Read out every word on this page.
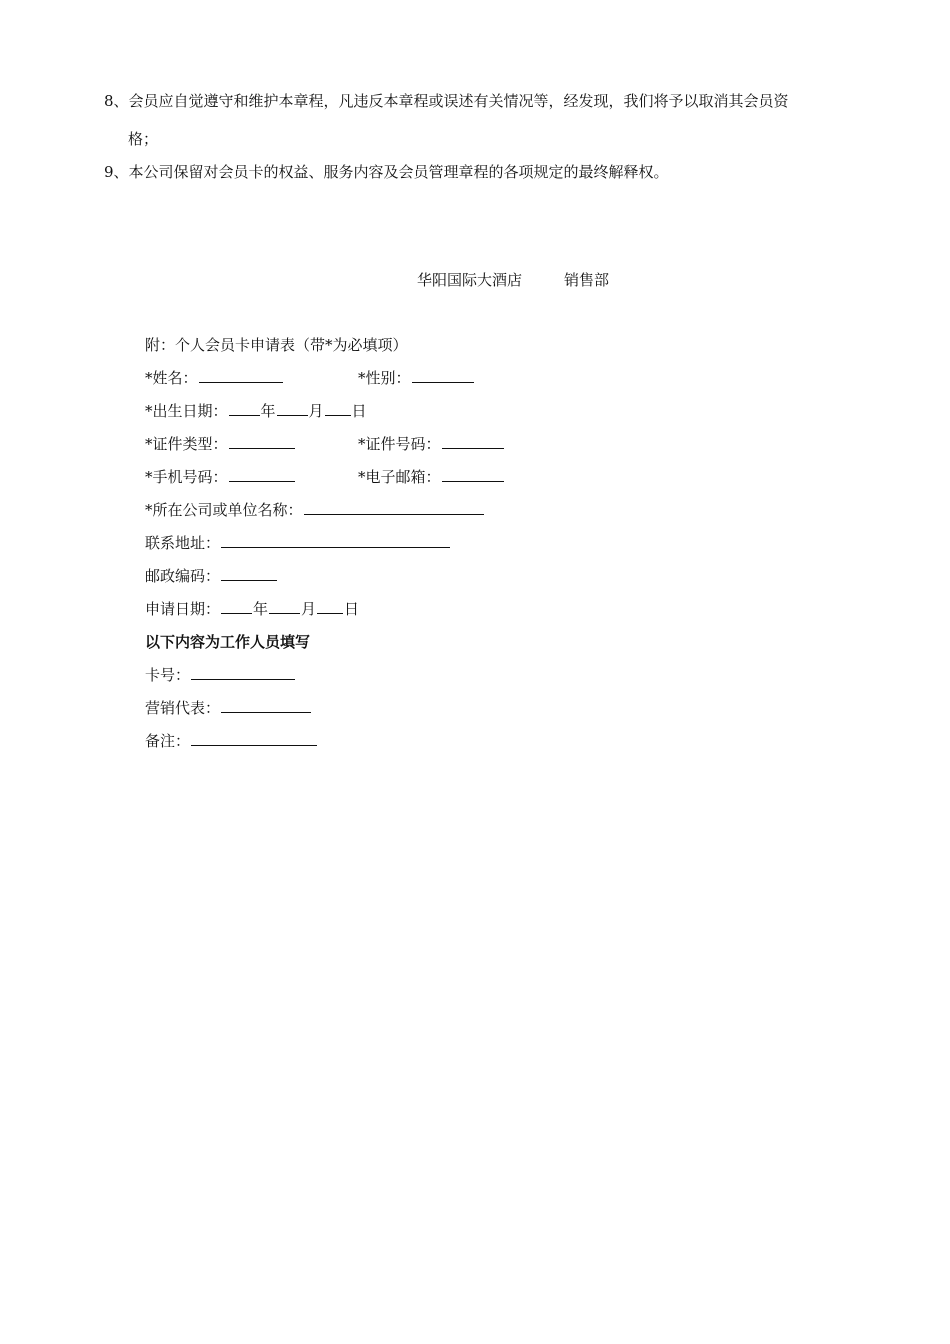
8、会员应自觉遵守和维护本章程，凡违反本章程或误述有关情况等，经发现，我们将予以取消其会员资
格；
9、本公司保留对会员卡的权益、服务内容及会员管理章程的各项规定的最终解释权。
华阳国际大酒店	销售部
附：个人会员卡申请表（带*为必填项）
*姓名：	*性别：
*出生日期： 年 月 日
*证件类型：	*证件号码：
*手机号码：	*电子邮箱：
*所在公司或单位名称：
联系地址：
邮政编码：
申请日期： 年 月 日
以下内容为工作人员填写
卡号：
营销代表：
备注：
